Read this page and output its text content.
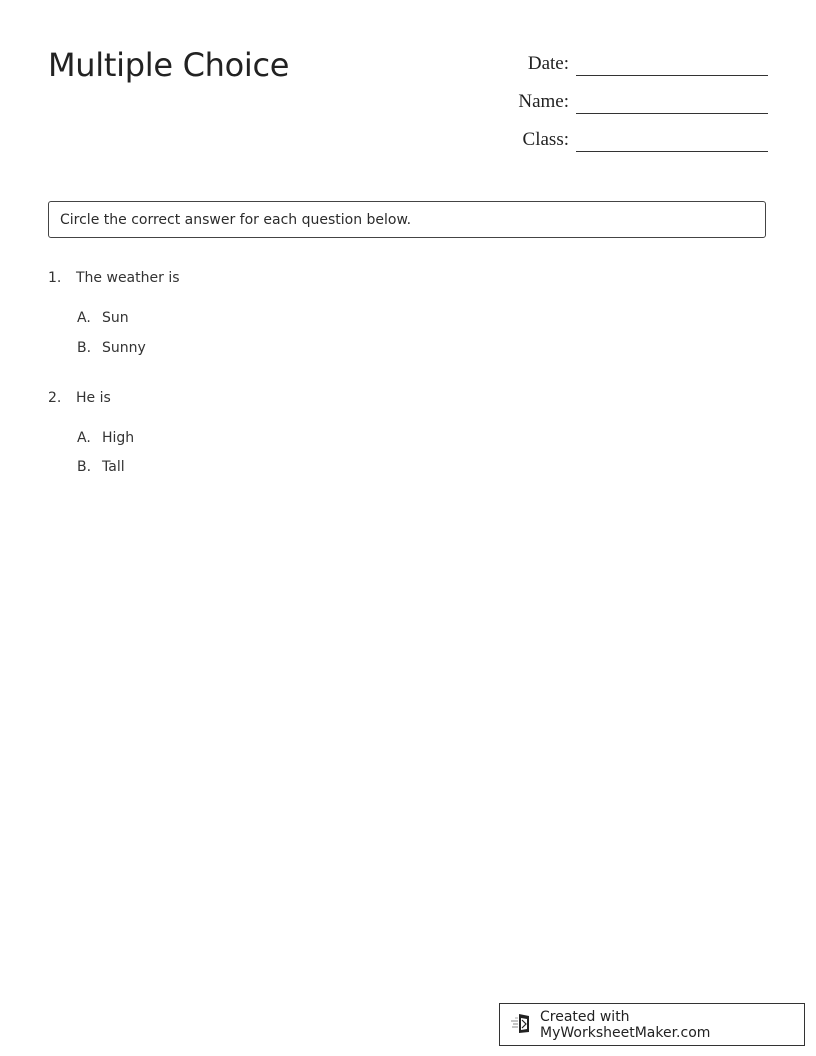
Multiple Choice	Date:
Name:
Class:
Circle the correct answer for each question below.
1. The weather is
A. Sun
B. Sunny
2. He is
A. High
B. Tall
Created with MyWorksheetMaker.com
